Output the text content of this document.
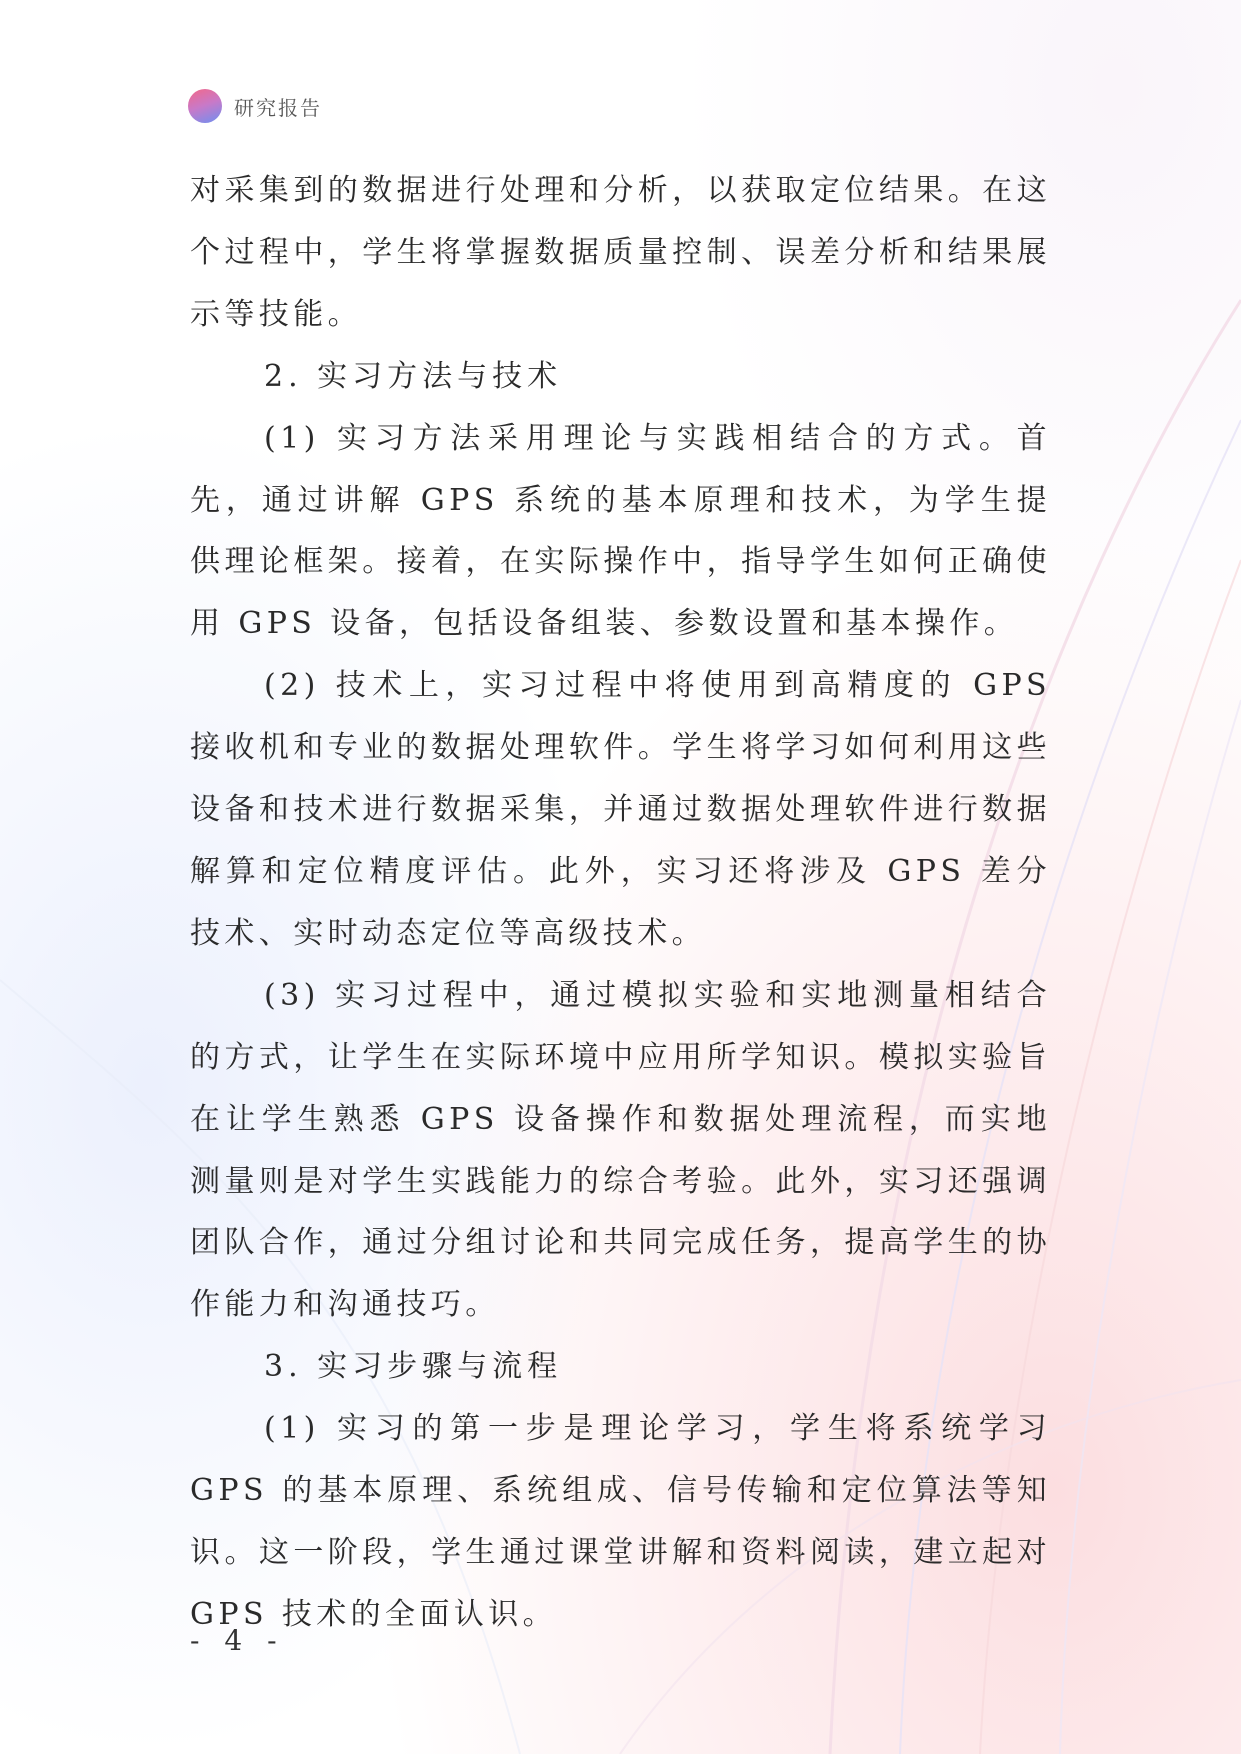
研究报告

对采集到的数据进行处理和分析，以获取定位结果。在这个过程中，学生将掌握数据质量控制、误差分析和结果展示等技能。

2. 实习方法与技术

(1) 实习方法采用理论与实践相结合的方式。首先，通过讲解 GPS 系统的基本原理和技术，为学生提供理论框架。接着，在实际操作中，指导学生如何正确使用 GPS 设备，包括设备组装、参数设置和基本操作。

(2) 技术上，实习过程中将使用到高精度的 GPS 接收机和专业的数据处理软件。学生将学习如何利用这些设备和技术进行数据采集，并通过数据处理软件进行数据解算和定位精度评估。此外，实习还将涉及 GPS 差分技术、实时动态定位等高级技术。

(3) 实习过程中，通过模拟实验和实地测量相结合的方式，让学生在实际环境中应用所学知识。模拟实验旨在让学生熟悉 GPS 设备操作和数据处理流程，而实地测量则是对学生实践能力的综合考验。此外，实习还强调团队合作，通过分组讨论和共同完成任务，提高学生的协作能力和沟通技巧。

3. 实习步骤与流程

(1) 实习的第一步是理论学习，学生将系统学习 GPS 的基本原理、系统组成、信号传输和定位算法等知识。这一阶段，学生通过课堂讲解和资料阅读，建立起对 GPS 技术的全面认识。

- 4 -
